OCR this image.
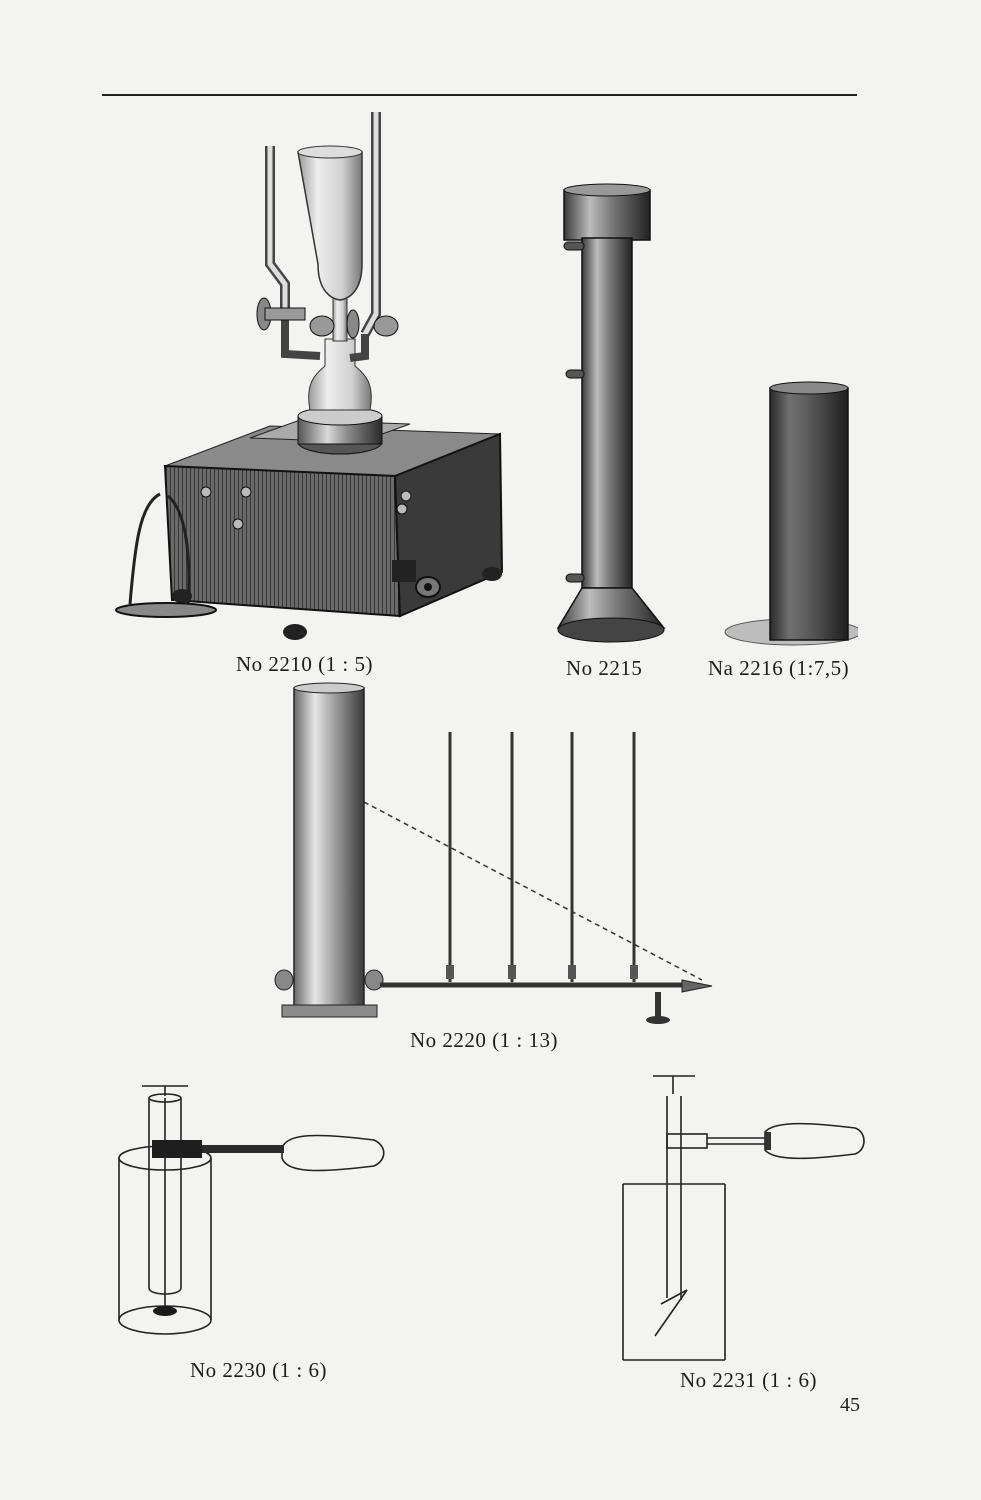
No 2210 (1 : 5)	No 2215	Na 2216 (1:7,5)
No 2220 (1 : 13)
No 2230 (1 : 6)	No 2231 (1 : 6)
45
